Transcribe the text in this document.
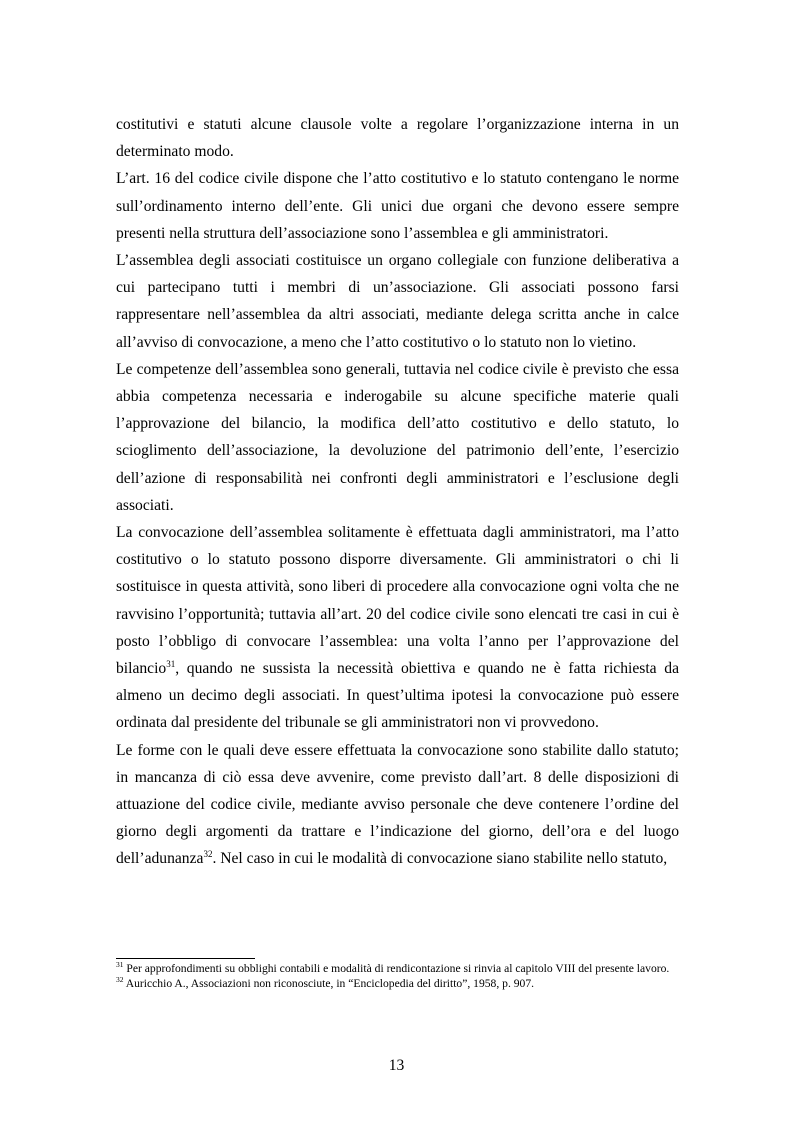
costitutivi e statuti alcune clausole volte a regolare l’organizzazione interna in un determinato modo.

L’art. 16 del codice civile dispone che l’atto costitutivo e lo statuto contengano le norme sull’ordinamento interno dell’ente. Gli unici due organi che devono essere sempre presenti nella struttura dell’associazione sono l’assemblea e gli amministratori.

L’assemblea degli associati costituisce un organo collegiale con funzione deliberativa a cui partecipano tutti i membri di un’associazione. Gli associati possono farsi rappresentare nell’assemblea da altri associati, mediante delega scritta anche in calce all’avviso di convocazione, a meno che l’atto costitutivo o lo statuto non lo vietino.

Le competenze dell’assemblea sono generali, tuttavia nel codice civile è previsto che essa abbia competenza necessaria e inderogabile su alcune specifiche materie quali l’approvazione del bilancio, la modifica dell’atto costitutivo e dello statuto, lo scioglimento dell’associazione, la devoluzione del patrimonio dell’ente, l’esercizio dell’azione di responsabilità nei confronti degli amministratori e l’esclusione degli associati.

La convocazione dell’assemblea solitamente è effettuata dagli amministratori, ma l’atto costitutivo o lo statuto possono disporre diversamente. Gli amministratori o chi li sostituisce in questa attività, sono liberi di procedere alla convocazione ogni volta che ne ravvisino l’opportunità; tuttavia all’art. 20 del codice civile sono elencati tre casi in cui è posto l’obbligo di convocare l’assemblea: una volta l’anno per l’approvazione del bilancio$^{31}$, quando ne sussista la necessità obiettiva e quando ne è fatta richiesta da almeno un decimo degli associati. In quest’ultima ipotesi la convocazione può essere ordinata dal presidente del tribunale se gli amministratori non vi provvedono.

Le forme con le quali deve essere effettuata la convocazione sono stabilite dallo statuto; in mancanza di ciò essa deve avvenire, come previsto dall’art. 8 delle disposizioni di attuazione del codice civile, mediante avviso personale che deve contenere l’ordine del giorno degli argomenti da trattare e l’indicazione del giorno, dell’ora e del luogo dell’adunanza$^{32}$. Nel caso in cui le modalità di convocazione siano stabilite nello statuto,

$^{31}$ Per approfondimenti su obblighi contabili e modalità di rendicontazione si rinvia al capitolo VIII del presente lavoro.

$^{32}$ Auricchio A., Associazioni non riconosciute, in “Enciclopedia del diritto”, 1958, p. 907.

13
